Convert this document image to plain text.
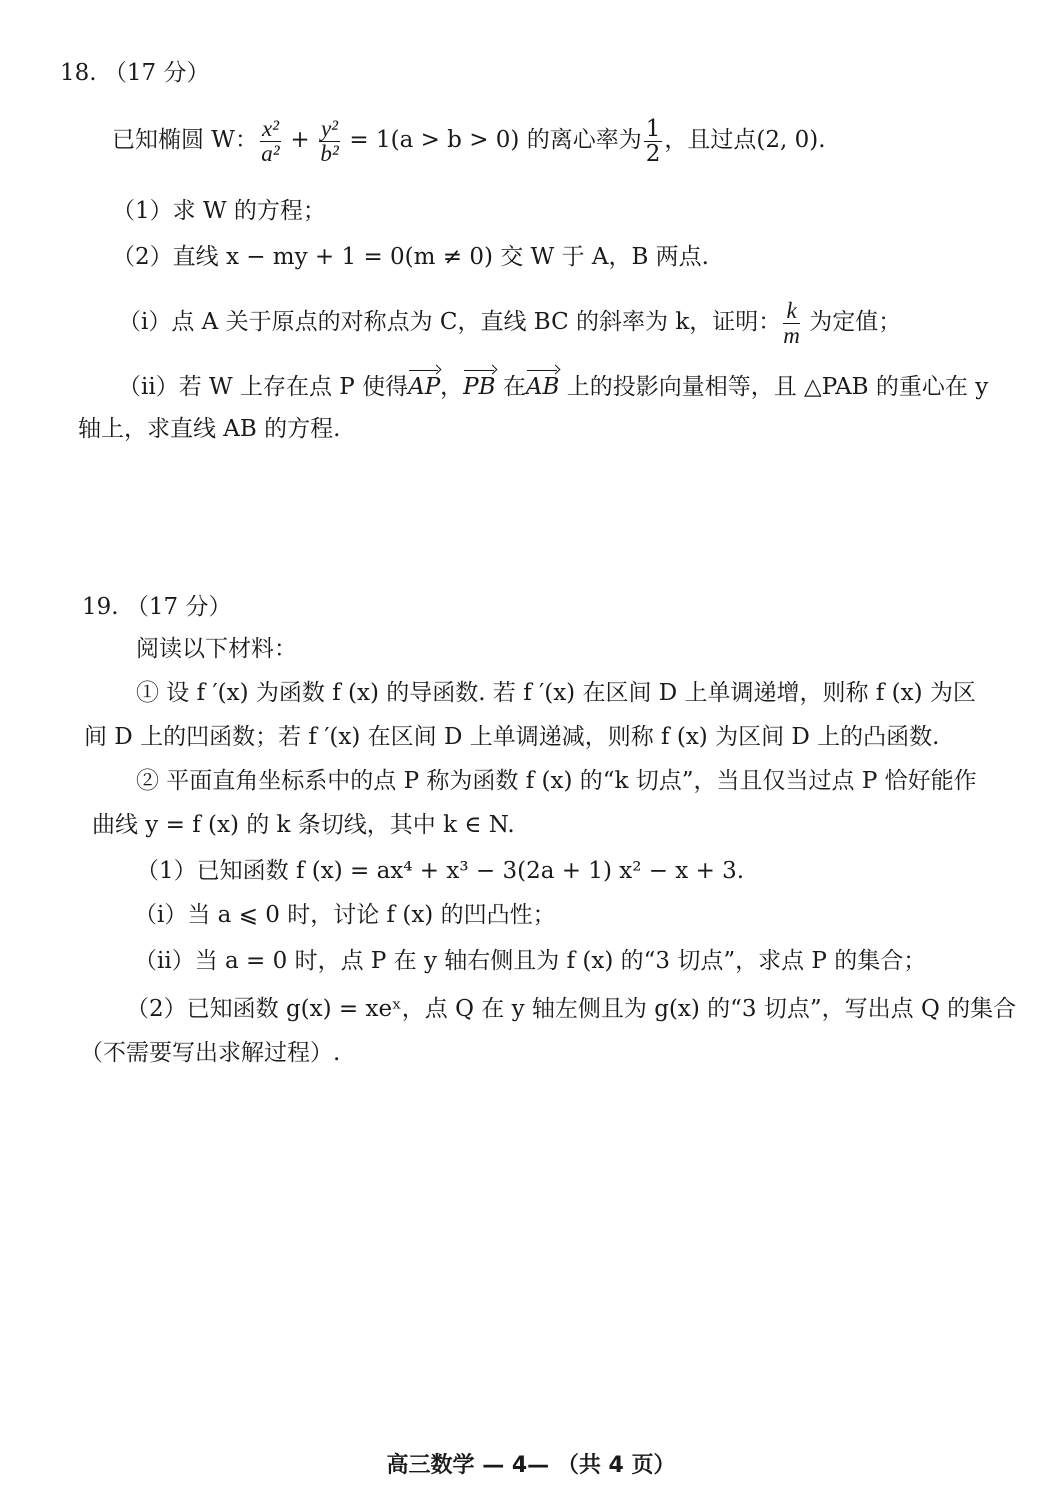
18. （17 分）
已知椭圆 W： $\frac{\text{x²}}{\text{a²}} + \frac{\text{y²}}{\text{b²}} = 1(a > b > 0)$ 的离心率为 $\frac{1}{2}$ ，且过点(2, 0).
（1）求 W 的方程；
（2）直线 x − my + 1 = 0(m ≠ 0) 交 W 于 A，B 两点.
（i）点 A 关于原点的对称点为 C，直线 BC 的斜率为 k，证明： $\frac{k}{m}$ 为定值；
（ii）若 W 上存在点 P 使得AP，PB 在AB 上的投影向量相等，且 △PAB 的重心在 y
轴上，求直线 AB 的方程.
19. （17 分）
阅读以下材料：
① 设 f ′(x) 为函数 f (x) 的导函数. 若 f ′(x) 在区间 D 上单调递增，则称 f (x) 为区
间 D 上的凹函数；若 f ′(x) 在区间 D 上单调递减，则称 f (x) 为区间 D 上的凸函数.
② 平面直角坐标系中的点 P 称为函数 f (x) 的“k 切点”，当且仅当过点 P 恰好能作
曲线 y = f (x) 的 k 条切线，其中 k ∈ N.
（1）已知函数 f (x) = ax⁴ + x³ − 3(2a + 1) x² − x + 3.
（i）当 a ⩽ 0 时，讨论 f (x) 的凹凸性；
（ii）当 a = 0 时，点 P 在 y 轴右侧且为 f (x) 的“3 切点”，求点 P 的集合；
（2）已知函数 g(x) = xeˣ，点 Q 在 y 轴左侧且为 g(x) 的“3 切点”，写出点 Q 的集合
（不需要写出求解过程）.
高三数学 — 4— （共 4 页）
